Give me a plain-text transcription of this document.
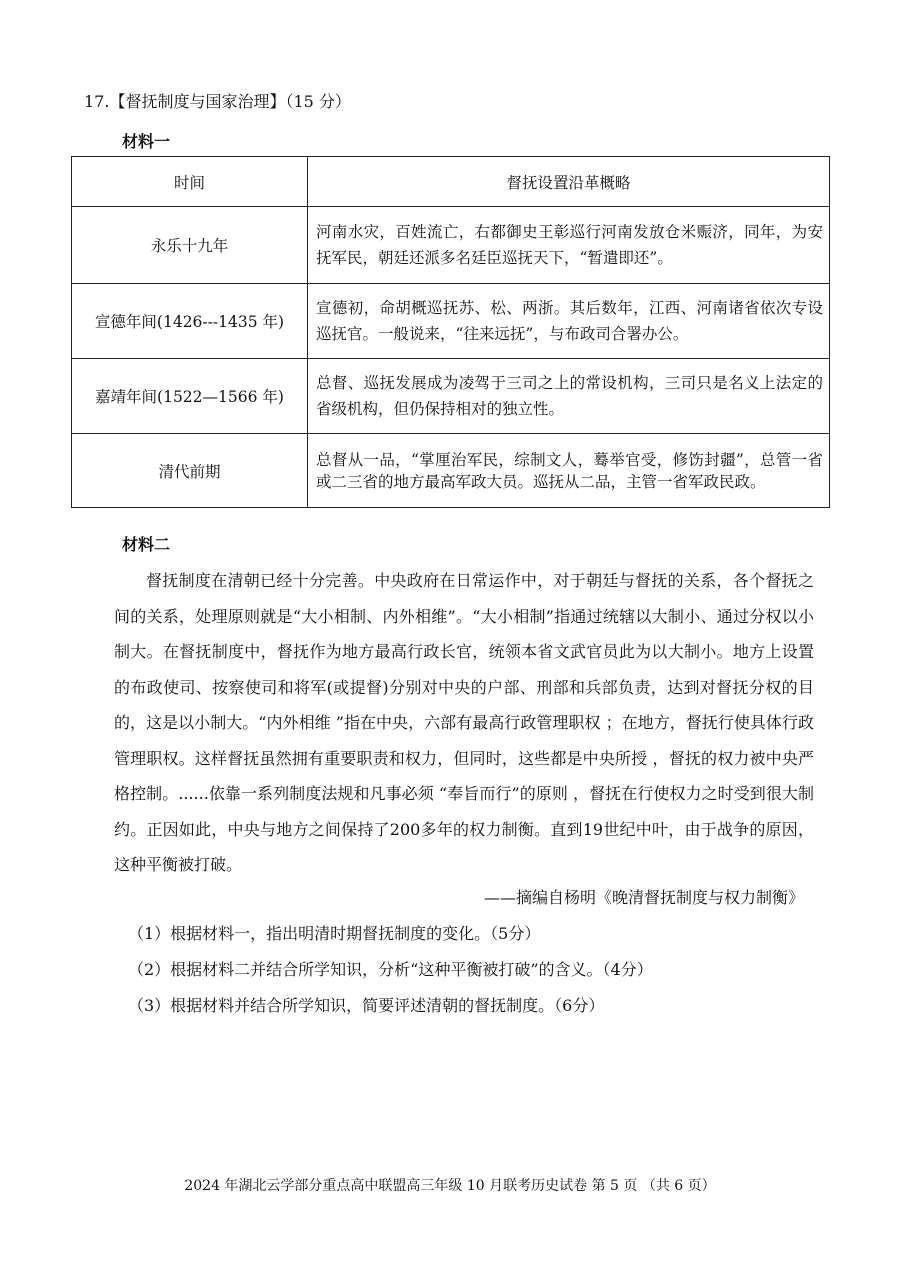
17.【督抚制度与国家治理】（15 分）
材料一
时间	督抚设置沿革概略
永乐十九年	河南水灾，百姓流亡，右都御史王彰巡行河南发放仓米赈济，同年，为安抚军民，朝廷还派多名廷臣巡抚天下，“暂遣即还”。
宣德年间(1426---1435 年)	宣德初，命胡概巡抚苏、松、两浙。其后数年，江西、河南诸省依次专设巡抚官。一般说来，“往来远抚”，与布政司合署办公。
嘉靖年间(1522—1566 年)	总督、巡抚发展成为凌驾于三司之上的常设机构，三司只是名义上法定的省级机构，但仍保持相对的独立性。
清代前期	总督从一品，“掌厘治军民，综制文人，蓦举官受，修饬封疆”，总管一省或二三省的地方最高军政大员。巡抚从二品，主管一省军政民政。
材料二

督抚制度在清朝已经十分完善。中央政府在日常运作中，对于朝廷与督抚的关系，各个督抚之间的关系，处理原则就是“大小相制、内外相维”。“大小相制”指通过统辖以大制小、通过分权以小制大。在督抚制度中，督抚作为地方最高行政长官，统领本省文武官员此为以大制小。地方上设置的布政使司、按察使司和将军(或提督)分别对中央的户部、刑部和兵部负责，达到对督抚分权的目的，这是以小制大。“内外相维 ”指在中央，六部有最高行政管理职权 ；在地方，督抚行使具体行政管理职权。这样督抚虽然拥有重要职责和权力，但同时，这些都是中央所授 ，督抚的权力被中央严格控制。......依靠一系列制度法规和凡事必须 “奉旨而行”的原则 ，督抚在行使权力之时受到很大制约。正因如此，中央与地方之间保持了200多年的权力制衡。直到19世纪中叶，由于战争的原因，这种平衡被打破。

——摘编自杨明《晚清督抚制度与权力制衡》
（1）根据材料一，指出明清时期督抚制度的变化。（5分）
（2）根据材料二并结合所学知识，分析“这种平衡被打破”的含义。（4分）
（3）根据材料并结合所学知识，简要评述清朝的督抚制度。（6分）
2024 年湖北云学部分重点高中联盟高三年级 10 月联考历史试卷 第 5 页 （共 6 页）
